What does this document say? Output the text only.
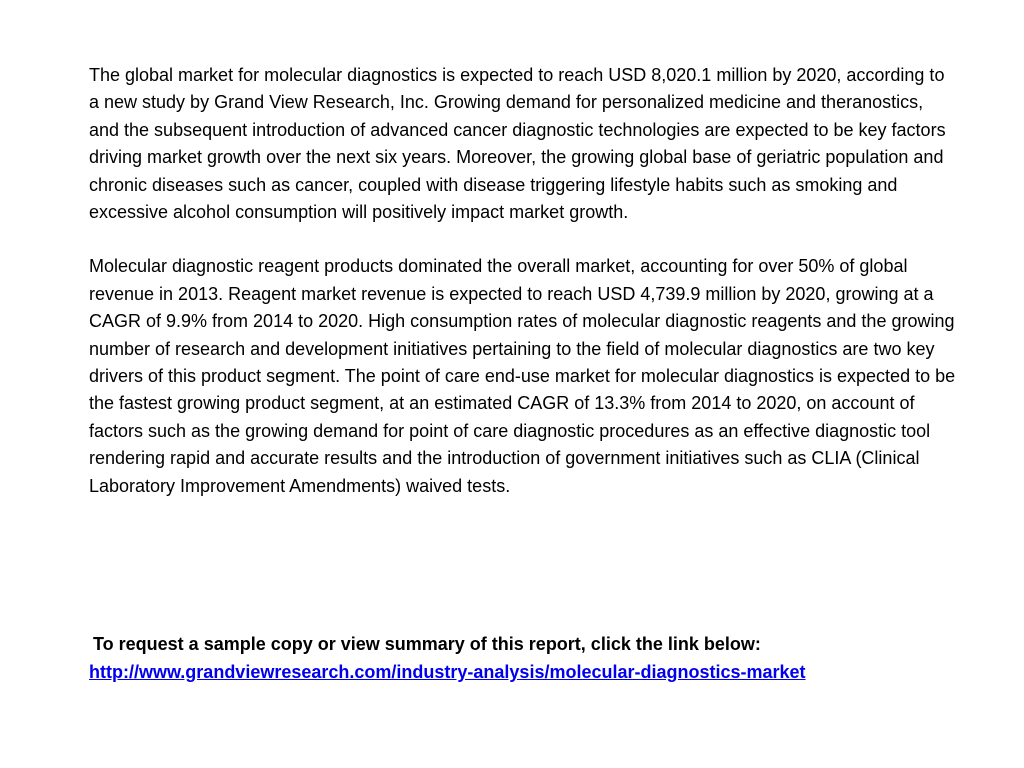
The global market for molecular diagnostics is expected to reach USD 8,020.1 million by 2020, according to a new study by Grand View Research, Inc. Growing demand for personalized medicine and theranostics, and the subsequent introduction of advanced cancer diagnostic technologies are expected to be key factors driving market growth over the next six years. Moreover, the growing global base of geriatric population and chronic diseases such as cancer, coupled with disease triggering lifestyle habits such as smoking and excessive alcohol consumption will positively impact market growth.

Molecular diagnostic reagent products dominated the overall market, accounting for over 50% of global revenue in 2013. Reagent market revenue is expected to reach USD 4,739.9 million by 2020, growing at a CAGR of 9.9% from 2014 to 2020. High consumption rates of molecular diagnostic reagents and the growing number of research and development initiatives pertaining to the field of molecular diagnostics are two key drivers of this product segment. The point of care end-use market for molecular diagnostics is expected to be the fastest growing product segment, at an estimated CAGR of 13.3% from 2014 to 2020, on account of factors such as the growing demand for point of care diagnostic procedures as an effective diagnostic tool rendering rapid and accurate results and the introduction of government initiatives such as CLIA (Clinical Laboratory Improvement Amendments) waived tests.

To request a sample copy or view summary of this report, click the link below:
http://www.grandviewresearch.com/industry-analysis/molecular-diagnostics-market
